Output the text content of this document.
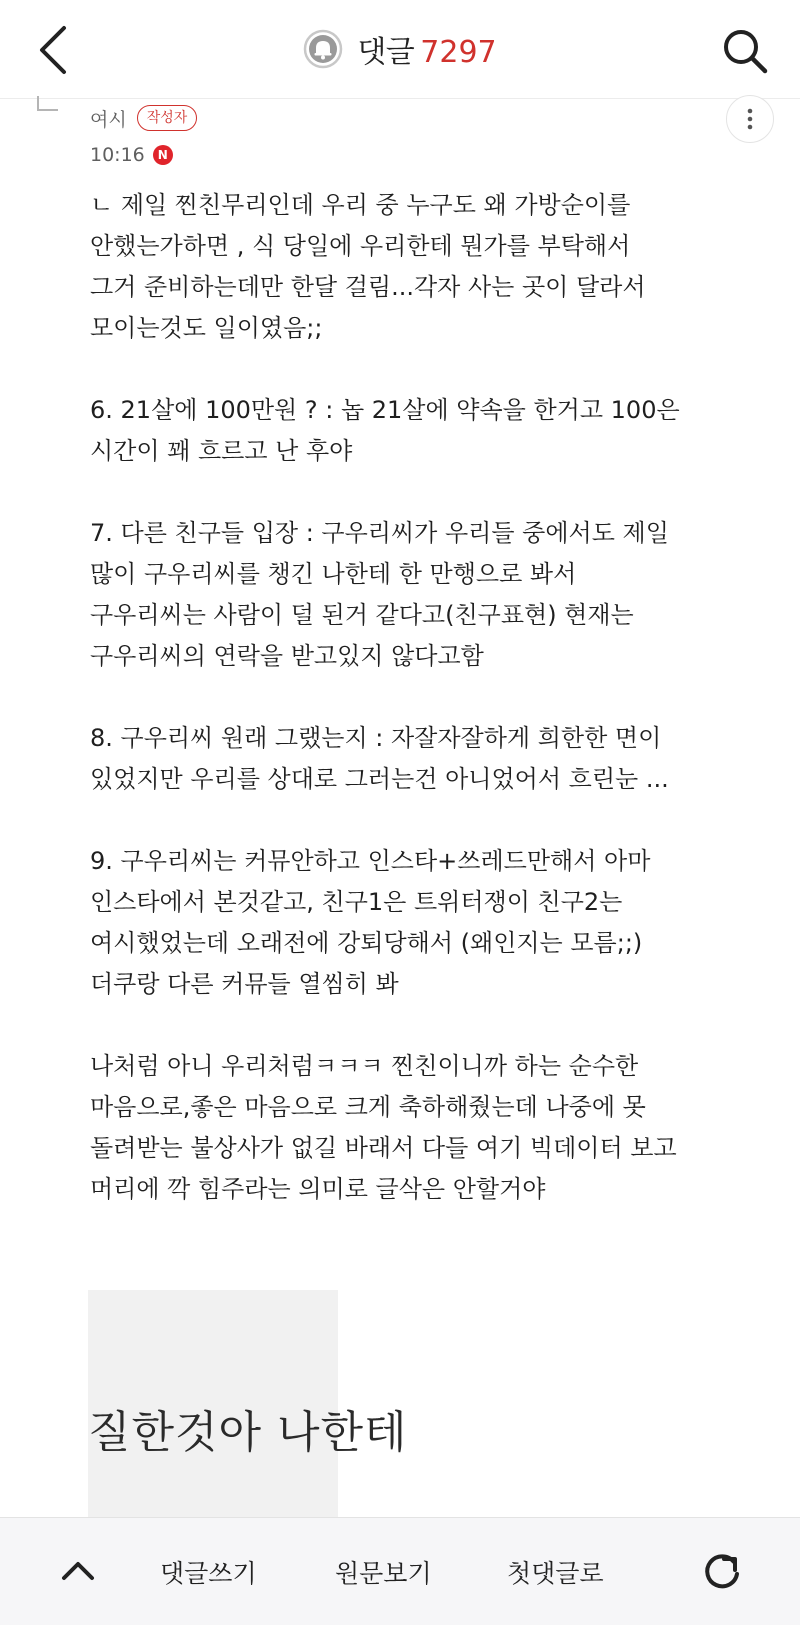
댓글 7297
여시	작성자
10:16	N
ㄴ 제일 찐친무리인데 우리 중 누구도 왜 가방순이를
안했는가하면 , 식 당일에 우리한테 뭔가를 부탁해서
그거 준비하는데만 한달 걸림...각자 사는 곳이 달라서
모이는것도 일이였음;;
6. 21살에 100만원 ? : 놉 21살에 약속을 한거고 100은
시간이 꽤 흐르고 난 후야
7. 다른 친구들 입장 : 구우리씨가 우리들 중에서도 제일
많이 구우리씨를 챙긴 나한테 한 만행으로 봐서
구우리씨는 사람이 덜 된거 같다고(친구표현) 현재는
구우리씨의 연락을 받고있지 않다고함
8. 구우리씨 원래 그랬는지 : 자잘자잘하게 희한한 면이
있었지만 우리를 상대로 그러는건 아니었어서 흐린눈 ...
9. 구우리씨는 커뮤안하고 인스타+쓰레드만해서 아마
인스타에서 본것같고, 친구1은 트위터쟁이 친구2는
여시했었는데 오래전에 강퇴당해서 (왜인지는 모름;;)
더쿠랑 다른 커뮤들 열씸히 봐
나처럼 아니 우리처럼ㅋㅋㅋ 찐친이니까 하는 순수한
마음으로,좋은 마음으로 크게 축하해줬는데 나중에 못
돌려받는 불상사가 없길 바래서 다들 여기 빅데이터 보고
머리에 깍 힘주라는 의미로 글삭은 안할거야
질한것아 나한테
댓글쓰기	원문보기	첫댓글로
